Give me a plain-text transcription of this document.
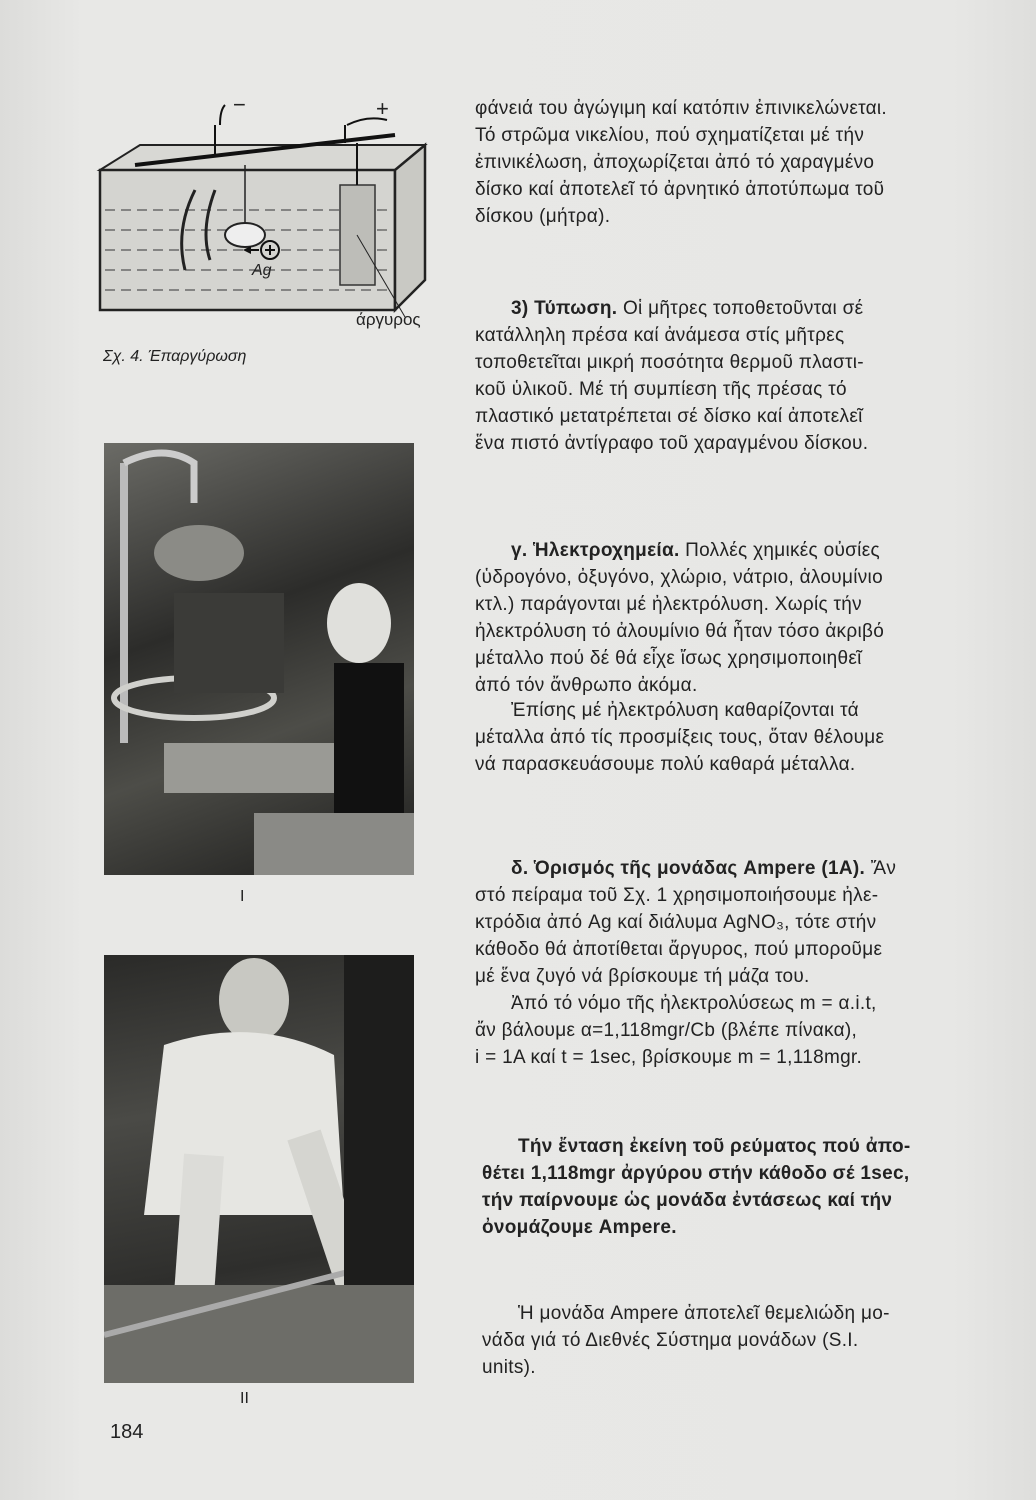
−	+
Ag
άργυρος
Σχ. 4. Έπαργύρωση
I
II
184
φάνειά του ἀγώγιμη καί κατόπιν ἐπινικελώνεται.
Τό στρῶμα νικελίου, πού σχηματίζεται μέ τήν
ἐπινικέλωση, ἀποχωρίζεται ἀπό τό χαραγμένο
δίσκο καί ἀποτελεῖ τό ἀρνητικό ἀποτύπωμα τοῦ
δίσκου (μήτρα).
3) Τύπωση. Οἱ μῆτρες τοποθετοῦνται σέ
κατάλληλη πρέσα καί ἀνάμεσα στίς μῆτρες
τοποθετεῖται μικρή ποσότητα θερμοῦ πλαστι-
κοῦ ὑλικοῦ. Μέ τή συμπίεση τῆς πρέσας τό
πλαστικό μετατρέπεται σέ δίσκο καί ἀποτελεῖ
ἕνα πιστό ἀντίγραφο τοῦ χαραγμένου δίσκου.
γ. Ἡλεκτροχημεία. Πολλές χημικές οὐσίες
(ὑδρογόνο, ὀξυγόνο, χλώριο, νάτριο, ἀλουμίνιο
κτλ.) παράγονται μέ ἠλεκτρόλυση. Χωρίς τήν
ἠλεκτρόλυση τό ἀλουμίνιο θά ἦταν τόσο ἀκριβό
μέταλλο πού δέ θά εἶχε ἴσως χρησιμοποιηθεῖ
ἀπό τόν ἄνθρωπο ἀκόμα.
Ἐπίσης μέ ἠλεκτρόλυση καθαρίζονται τά
μέταλλα ἀπό τίς προσμίξεις τους, ὅταν θέλουμε
νά παρασκευάσουμε πολύ καθαρά μέταλλα.
δ. Ὁρισμός τῆς μονάδας Ampere (1A). Ἄν
στό πείραμα τοῦ Σχ. 1 χρησιμοποιήσουμε ἠλε-
κτρόδια ἀπό Ag καί διάλυμα AgNO₃, τότε στήν
κάθοδο θά ἀποτίθεται ἄργυρος, πού μποροῦμε
μέ ἕνα ζυγό νά βρίσκουμε τή μάζα του.
Ἀπό τό νόμο τῆς ἠλεκτρολύσεως m = α.i.t,
ἄν βάλουμε α=1,118mgr/Cb (βλέπε πίνακα),
i = 1A καί t = 1sec, βρίσκουμε m = 1,118mgr.
Τήν ἔνταση ἐκείνη τοῦ ρεύματος πού ἀπο-
θέτει 1,118mgr ἀργύρου στήν κάθοδο σέ 1sec,
τήν παίρνουμε ὡς μονάδα ἐντάσεως καί τήν
ὀνομάζουμε Ampere.
Ἡ μονάδα Ampere ἀποτελεῖ θεμελιώδη μο-
νάδα γιά τό Διεθνές Σύστημα μονάδων (S.I.
units).
